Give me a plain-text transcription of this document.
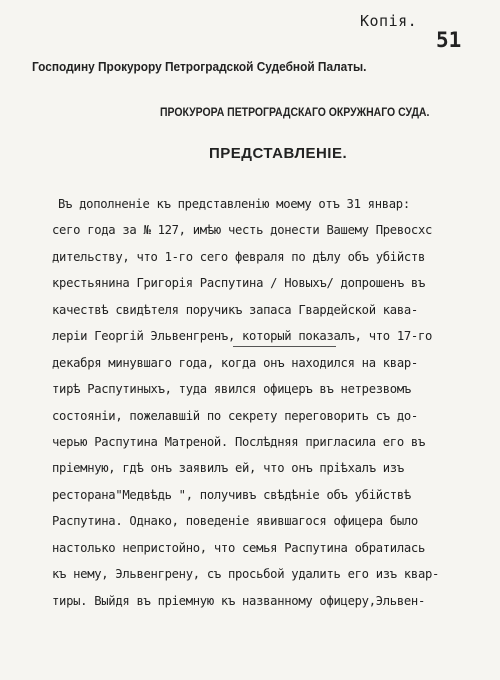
Копія.
51
Господину Прокурору Петроградской Судебной Палаты.
ПРОКУРОРА ПЕТРОГРАДСКАГО ОКРУЖНАГО СУДА.
ПРЕДСТАВЛЕНІЕ.
Въ дополненіе къ представленію моему отъ 31 январ:
сего года за № 127, имѣю честь донести Вашему Превосхс
дительству, что 1-го сего февраля по дѣлу объ убійств
крестьянина Григорія Распутина / Новыхъ/ допрошенъ въ
качествѣ свидѣтеля поручикъ запаса Гвардейской кава-
леріи Георгій Эльвенгренъ, который показалъ, что 17-го
декабря минувшаго года, когда онъ находился на квар-
тирѣ Распутиныхъ, туда явился офицеръ въ нетрезвомъ
состояніи, пожелавшій по секрету переговорить съ до-
черью Распутина Матреной. Послѣдняя пригласила его въ
пріемную, гдѣ онъ заявилъ ей, что онъ пріѣхалъ изъ
ресторана"Медвѣдь ", получивъ свѣдѣніе объ убійствѣ
Распутина. Однако, поведеніе явившагося офицера было
настолько непристойно, что семья Распутина обратилась
къ нему, Эльвенгрену, съ просьбой удалить его изъ квар-
тиры. Выйдя въ пріемную къ названному офицеру,Эльвен-
